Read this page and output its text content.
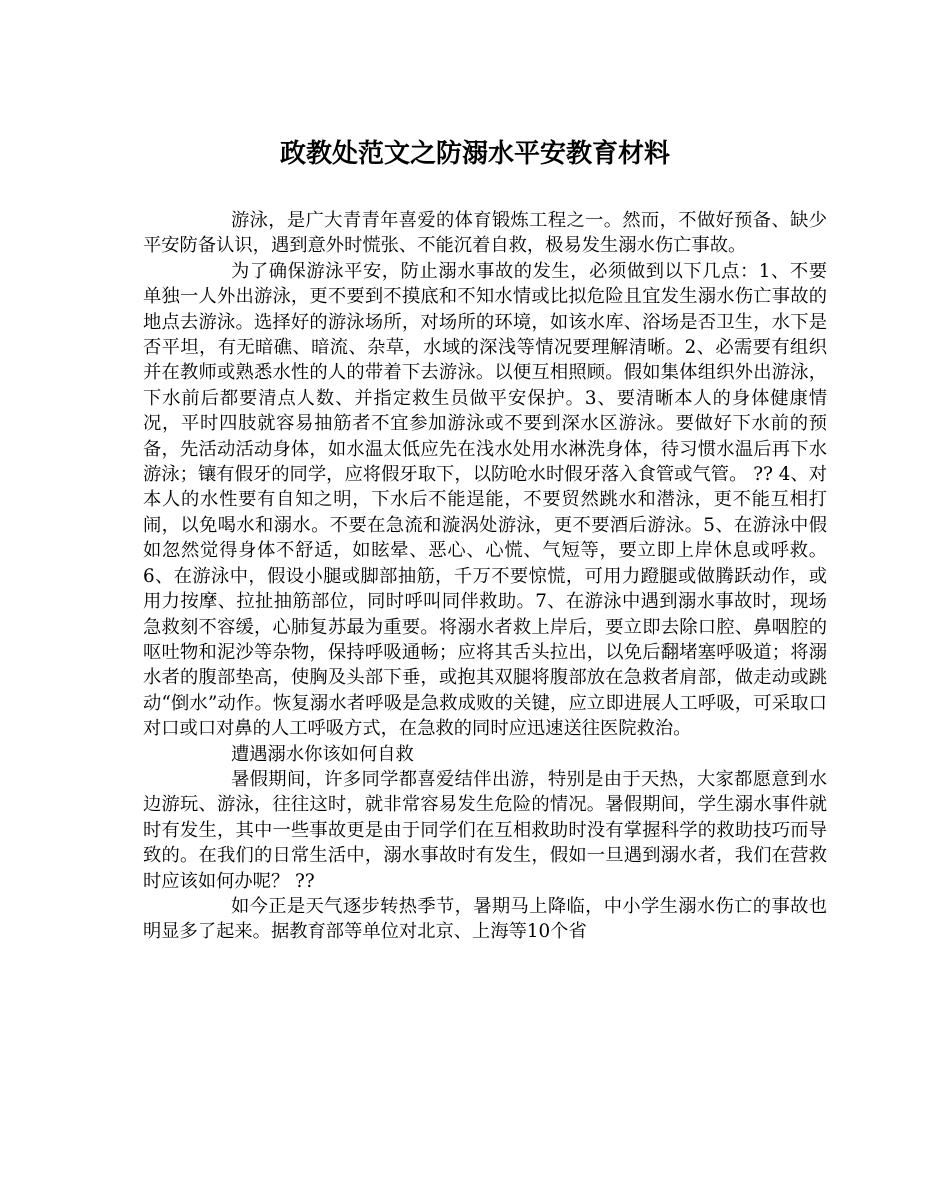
政教处范文之防溺水平安教育材料

游泳，是广大青青年喜爱的体育锻炼工程之一。然而，不做好预备、缺少平安防备认识，遇到意外时慌张、不能沉着自救，极易发生溺水伤亡事故。

为了确保游泳平安，防止溺水事故的发生，必须做到以下几点：1、不要单独一人外出游泳，更不要到不摸底和不知水情或比拟危险且宜发生溺水伤亡事故的地点去游泳。选择好的游泳场所，对场所的环境，如该水库、浴场是否卫生，水下是否平坦，有无暗礁、暗流、杂草，水域的深浅等情况要理解清晰。2、必需要有组织并在教师或熟悉水性的人的带着下去游泳。以便互相照顾。假如集体组织外出游泳，下水前后都要清点人数、并指定救生员做平安保护。3、要清晰本人的身体健康情况，平时四肢就容易抽筋者不宜参加游泳或不要到深水区游泳。要做好下水前的预备，先活动活动身体，如水温太低应先在浅水处用水淋洗身体，待习惯水温后再下水游泳；镶有假牙的同学，应将假牙取下，以防呛水时假牙落入食管或气管。 ?? 4、对本人的水性要有自知之明，下水后不能逞能，不要贸然跳水和潜泳，更不能互相打闹，以免喝水和溺水。不要在急流和漩涡处游泳，更不要酒后游泳。5、在游泳中假如忽然觉得身体不舒适，如眩晕、恶心、心慌、气短等，要立即上岸休息或呼救。6、在游泳中，假设小腿或脚部抽筋，千万不要惊慌，可用力蹬腿或做腾跃动作，或用力按摩、拉扯抽筋部位，同时呼叫同伴救助。7、在游泳中遇到溺水事故时，现场急救刻不容缓，心肺复苏最为重要。将溺水者救上岸后，要立即去除口腔、鼻咽腔的呕吐物和泥沙等杂物，保持呼吸通畅；应将其舌头拉出，以免后翻堵塞呼吸道；将溺水者的腹部垫高，使胸及头部下垂，或抱其双腿将腹部放在急救者肩部，做走动或跳动“倒水”动作。恢复溺水者呼吸是急救成败的关键，应立即进展人工呼吸，可采取口对口或口对鼻的人工呼吸方式，在急救的同时应迅速送往医院救治。

遭遇溺水你该如何自救

暑假期间，许多同学都喜爱结伴出游，特别是由于天热，大家都愿意到水边游玩、游泳，往往这时，就非常容易发生危险的情况。暑假期间，学生溺水事件就时有发生，其中一些事故更是由于同学们在互相救助时没有掌握科学的救助技巧而导致的。在我们的日常生活中，溺水事故时有发生，假如一旦遇到溺水者，我们在营救时应该如何办呢？ ??

如今正是天气逐步转热季节，暑期马上降临，中小学生溺水伤亡的事故也明显多了起来。据教育部等单位对北京、上海等10个省
